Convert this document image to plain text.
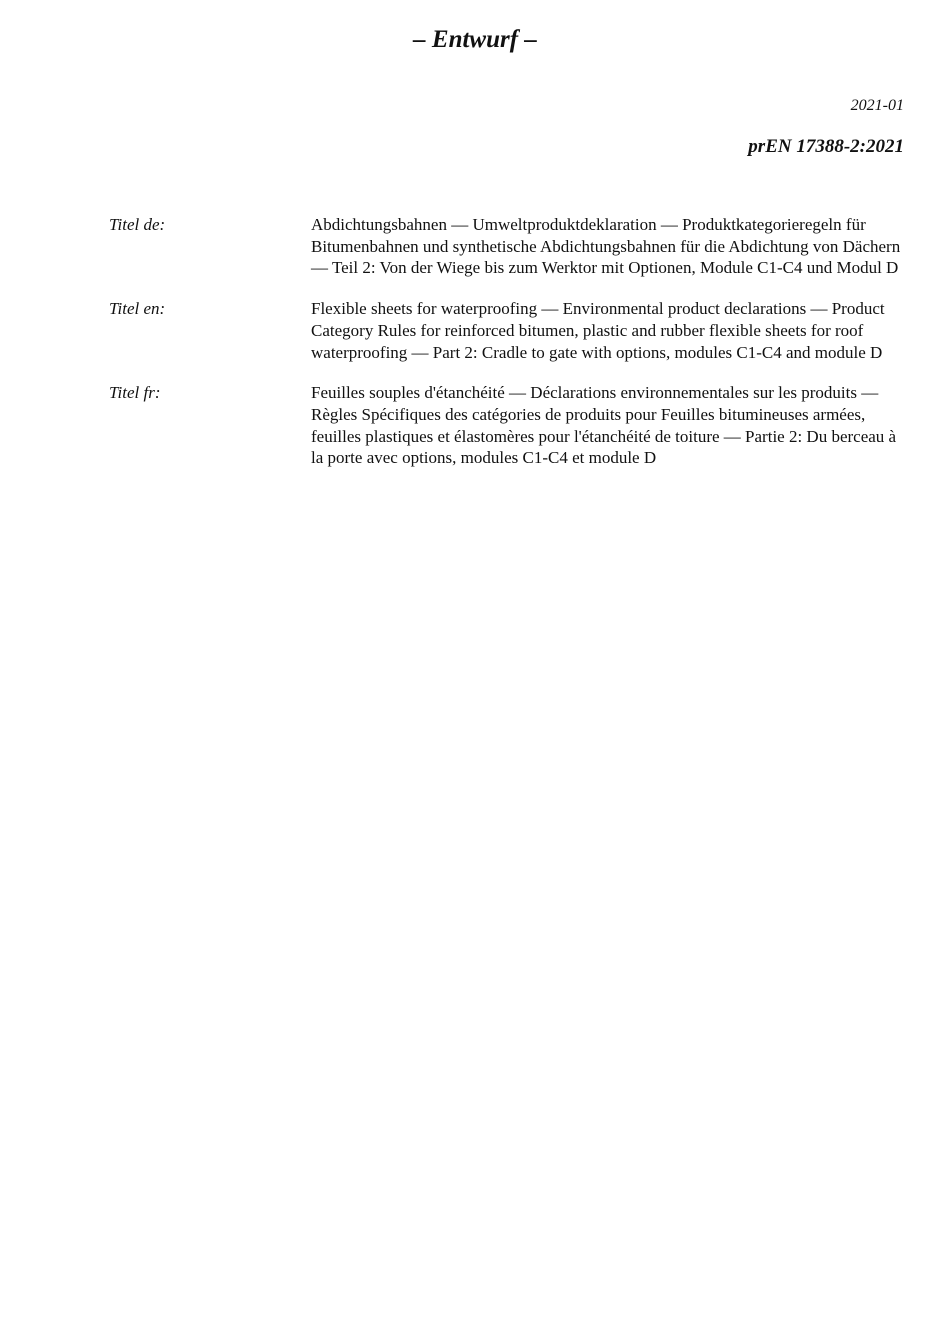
– Entwurf –
2021-01
prEN 17388-2:2021
Titel de:	Abdichtungsbahnen — Umweltproduktdeklaration — Produktkategorieregeln für Bitumenbahnen und synthetische Abdichtungsbahnen für die Abdichtung von Dächern — Teil 2: Von der Wiege bis zum Werktor mit Optionen, Module C1-C4 und Modul D
Titel en:	Flexible sheets for waterproofing — Environmental product declarations — Product Category Rules for reinforced bitumen, plastic and rubber flexible sheets for roof waterproofing — Part 2: Cradle to gate with options, modules C1-C4 and module D
Titel fr:	Feuilles souples d'étanchéité — Déclarations environnementales sur les produits — Règles Spécifiques des catégories de produits pour Feuilles bitumineuses armées, feuilles plastiques et élastomères pour l'étanchéité de toiture — Partie 2: Du berceau à la porte avec options, modules C1-C4 et module D
